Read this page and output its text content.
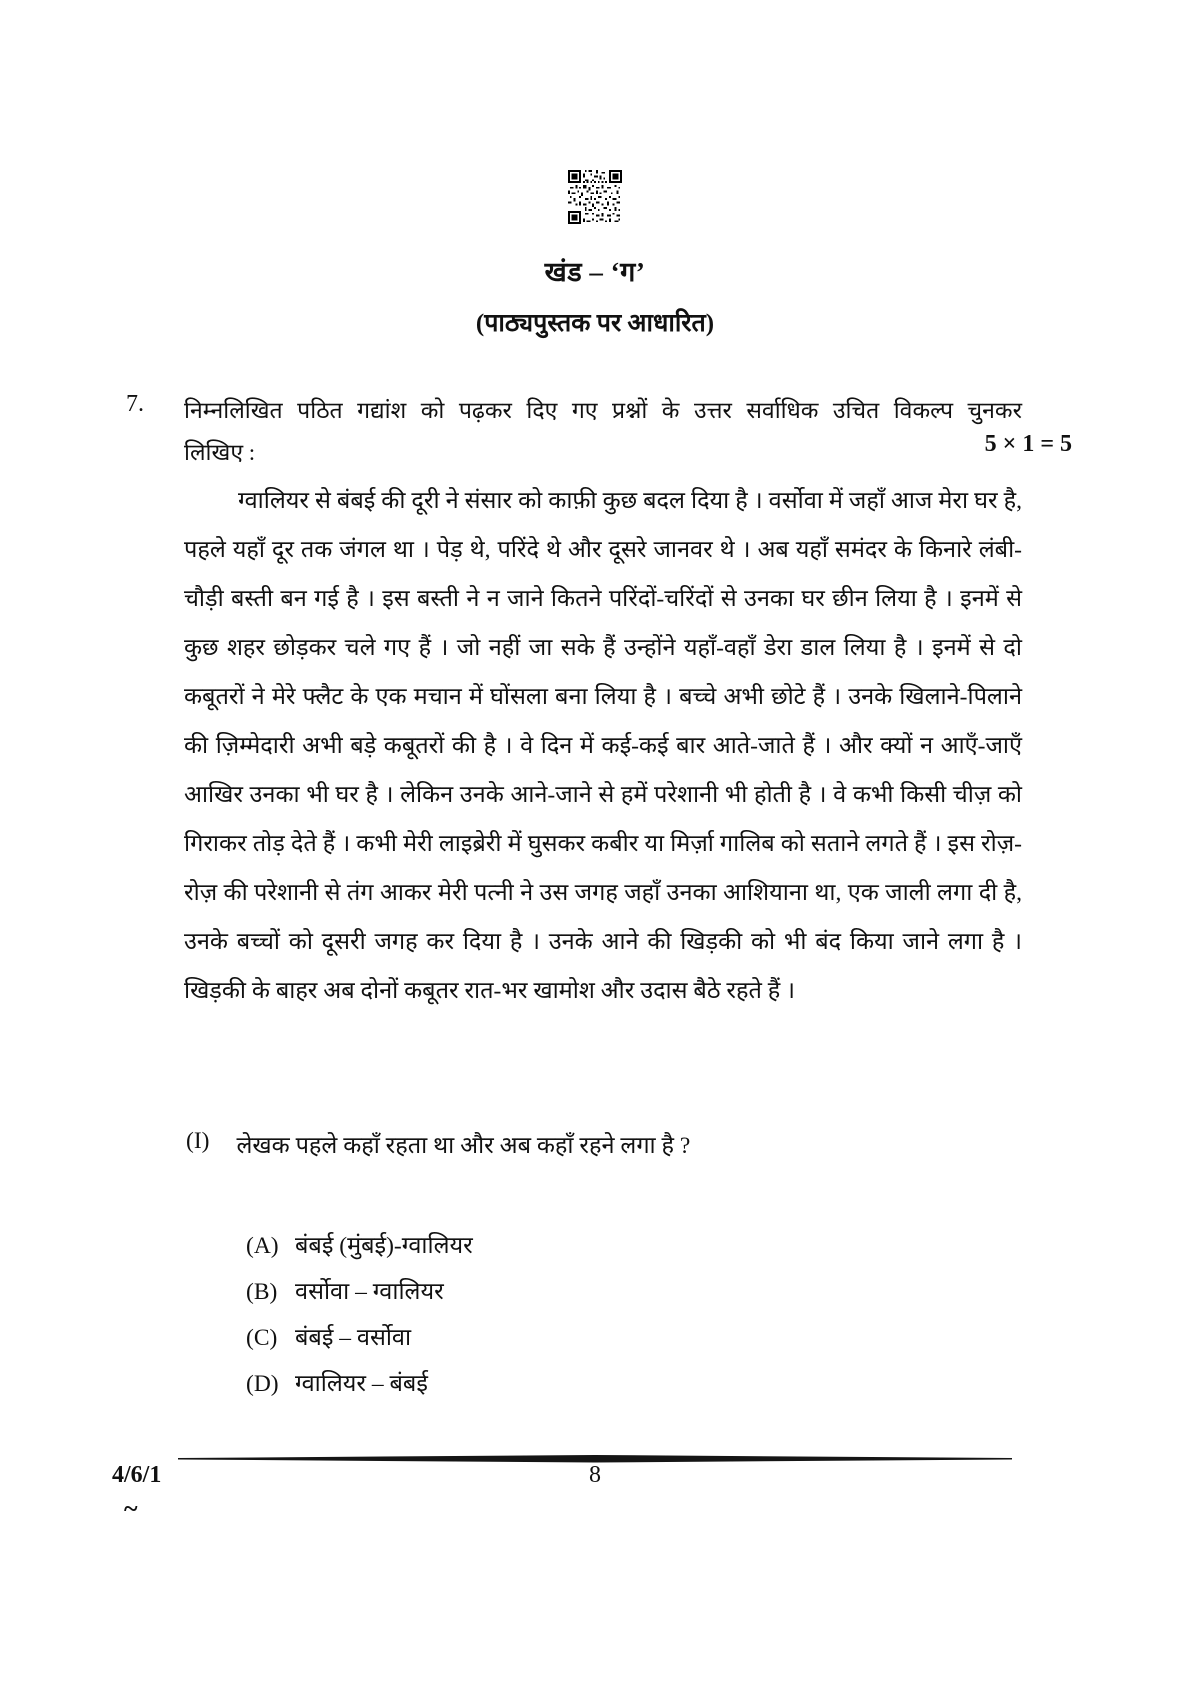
खंड – ‘ग’
(पाठ्यपुस्तक पर आधारित)
7. निम्नलिखित पठित गद्यांश को पढ़कर दिए गए प्रश्नों के उत्तर सर्वाधिक उचित विकल्प चुनकर
लिखिए :	5 × 1 = 5
ग्वालियर से बंबई की दूरी ने संसार को काफ़ी कुछ बदल दिया है । वर्सोवा में जहाँ आज मेरा घर है, पहले यहाँ दूर तक जंगल था । पेड़ थे, परिंदे थे और दूसरे जानवर थे । अब यहाँ समंदर के किनारे लंबी-चौड़ी बस्ती बन गई है । इस बस्ती ने न जाने कितने परिंदों-चरिंदों से उनका घर छीन लिया है । इनमें से कुछ शहर छोड़कर चले गए हैं । जो नहीं जा सके हैं उन्होंने यहाँ-वहाँ डेरा डाल लिया है । इनमें से दो कबूतरों ने मेरे फ्लैट के एक मचान में घोंसला बना लिया है । बच्चे अभी छोटे हैं । उनके खिलाने-पिलाने की ज़िम्मेदारी अभी बड़े कबूतरों की है । वे दिन में कई-कई बार आते-जाते हैं । और क्यों न आएँ-जाएँ आखिर उनका भी घर है । लेकिन उनके आने-जाने से हमें परेशानी भी होती है । वे कभी किसी चीज़ को गिराकर तोड़ देते हैं । कभी मेरी लाइब्रेरी में घुसकर कबीर या मिर्ज़ा गालिब को सताने लगते हैं । इस रोज़-रोज़ की परेशानी से तंग आकर मेरी पत्नी ने उस जगह जहाँ उनका आशियाना था, एक जाली लगा दी है, उनके बच्चों को दूसरी जगह कर दिया है । उनके आने की खिड़की को भी बंद किया जाने लगा है । खिड़की के बाहर अब दोनों कबूतर रात-भर खामोश और उदास बैठे रहते हैं ।
(I) लेखक पहले कहाँ रहता था और अब कहाँ रहने लगा है ?
(A) बंबई (मुंबई)-ग्वालियर
(B) वर्सोवा – ग्वालियर
(C) बंबई – वर्सोवा
(D) ग्वालियर – बंबई
4/6/1	8
~
